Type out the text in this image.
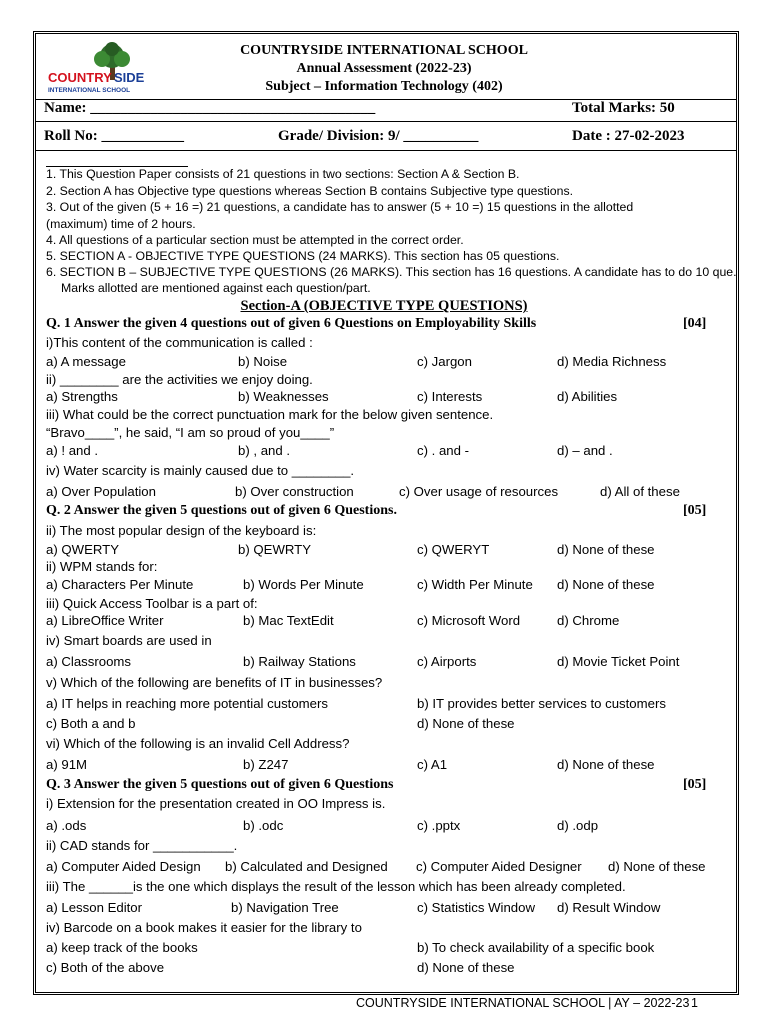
COUNTRY SIDE
INTERNATIONAL SCHOOL
COUNTRYSIDE INTERNATIONAL SCHOOL
Annual Assessment (2022-23)
Subject – Information Technology (402)
Name: ______________________________________	Total Marks: 50
Roll No: ___________	Grade/ Division: 9/ __________	Date : 27-02-2023
1. This Question Paper consists of 21 questions in two sections: Section A & Section B.
2. Section A has Objective type questions whereas Section B contains Subjective type questions.
3. Out of the given (5 + 16 =) 21 questions, a candidate has to answer (5 + 10 =) 15 questions in the allotted
(maximum) time of 2 hours.
4. All questions of a particular section must be attempted in the correct order.
5. SECTION A - OBJECTIVE TYPE QUESTIONS (24 MARKS). This section has 05 questions.
6. SECTION B – SUBJECTIVE TYPE QUESTIONS (26 MARKS). This section has 16 questions. A candidate has to do 10 que.
Marks allotted are mentioned against each question/part.
Section-A (OBJECTIVE TYPE QUESTIONS)
Q. 1 Answer the given 4 questions out of given 6 Questions on Employability Skills	[04]
i)This content of the communication is called :
a) A message	b) Noise	c) Jargon	d) Media Richness
ii) ________ are the activities we enjoy doing.
a) Strengths	b) Weaknesses	c) Interests	d) Abilities
iii) What could be the correct punctuation mark for the below given sentence.
“Bravo____”, he said, “I am so proud of you____”
a) ! and .	b) , and .	c) . and -	d) – and .
iv) Water scarcity is mainly caused due to ________.
a) Over Population	b) Over construction	c) Over usage of resources	d) All of these
Q. 2 Answer the given 5 questions out of given 6 Questions.	[05]
ii) The most popular design of the keyboard is:
a) QWERTY	b) QEWRTY	c) QWERYT	d) None of these
ii) WPM stands for:
a) Characters Per Minute	b) Words Per Minute	c) Width Per Minute d) None of these
iii) Quick Access Toolbar is a part of:
a) LibreOffice Writer	b) Mac TextEdit	c) Microsoft Word	d) Chrome
iv) Smart boards are used in
a) Classrooms	b) Railway Stations	c) Airports	d) Movie Ticket Point
v) Which of the following are benefits of IT in businesses?
a) IT helps in reaching more potential customers	b) IT provides better services to customers
c) Both a and b	d) None of these
vi) Which of the following is an invalid Cell Address?
a) 91M	b) Z247	c) A1	d) None of these
Q. 3 Answer the given 5 questions out of given 6 Questions	[05]
i) Extension for the presentation created in OO Impress is.
a) .ods	b) .odc	c) .pptx	d) .odp
ii) CAD stands for ___________.
a) Computer Aided Design b) Calculated and Designed c) Computer Aided Designer d) None of these
iii) The ______is the one which displays the result of the lesson which has been already completed.
a) Lesson Editor	b) Navigation Tree	c) Statistics Window d) Result Window
iv) Barcode on a book makes it easier for the library to
a) keep track of the books	b) To check availability of a specific book
c) Both of the above	d) None of these
COUNTRYSIDE INTERNATIONAL SCHOOL | AY – 2022-23 1
